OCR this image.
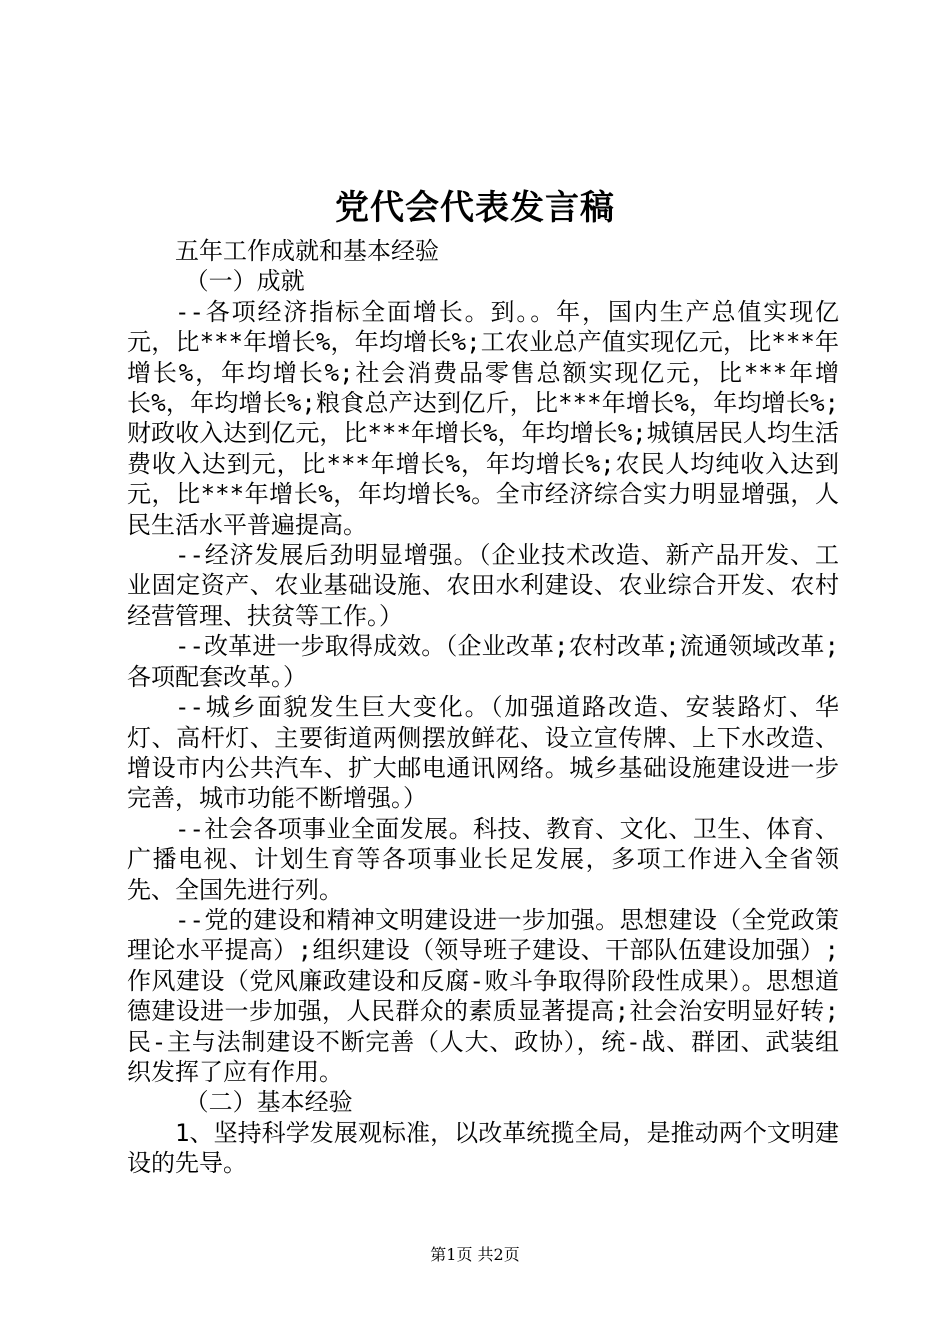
党代会代表发言稿

五年工作成就和基本经验

（一）成就

--各项经济指标全面增长。到。。年，国内生产总值实现亿元，比***年增长%，年均增长%;工农业总产值实现亿元，比***年增长%，年均增长%;社会消费品零售总额实现亿元，比***年增长%，年均增长%;粮食总产达到亿斤，比***年增长%，年均增长%;财政收入达到亿元，比***年增长%，年均增长%;城镇居民人均生活费收入达到元，比***年增长%，年均增长%;农民人均纯收入达到元，比***年增长%，年均增长%。全市经济综合实力明显增强，人民生活水平普遍提高。

--经济发展后劲明显增强。（企业技术改造、新产品开发、工业固定资产、农业基础设施、农田水利建设、农业综合开发、农村经营管理、扶贫等工作。）

--改革进一步取得成效。（企业改革;农村改革;流通领域改革;各项配套改革。）

--城乡面貌发生巨大变化。（加强道路改造、安装路灯、华灯、高杆灯、主要街道两侧摆放鲜花、设立宣传牌、上下水改造、增设市内公共汽车、扩大邮电通讯网络。城乡基础设施建设进一步完善，城市功能不断增强。）

--社会各项事业全面发展。科技、教育、文化、卫生、体育、广播电视、计划生育等各项事业长足发展，多项工作进入全省领先、全国先进行列。

--党的建设和精神文明建设进一步加强。思想建设（全党政策理论水平提高）;组织建设（领导班子建设、干部队伍建设加强）;作风建设（党风廉政建设和反腐-败斗争取得阶段性成果）。思想道德建设进一步加强，人民群众的素质显著提高;社会治安明显好转;民-主与法制建设不断完善（人大、政协），统-战、群团、武装组织发挥了应有作用。

（二）基本经验

1、坚持科学发展观标准，以改革统揽全局，是推动两个文明建设的先导。

第1页 共2页
